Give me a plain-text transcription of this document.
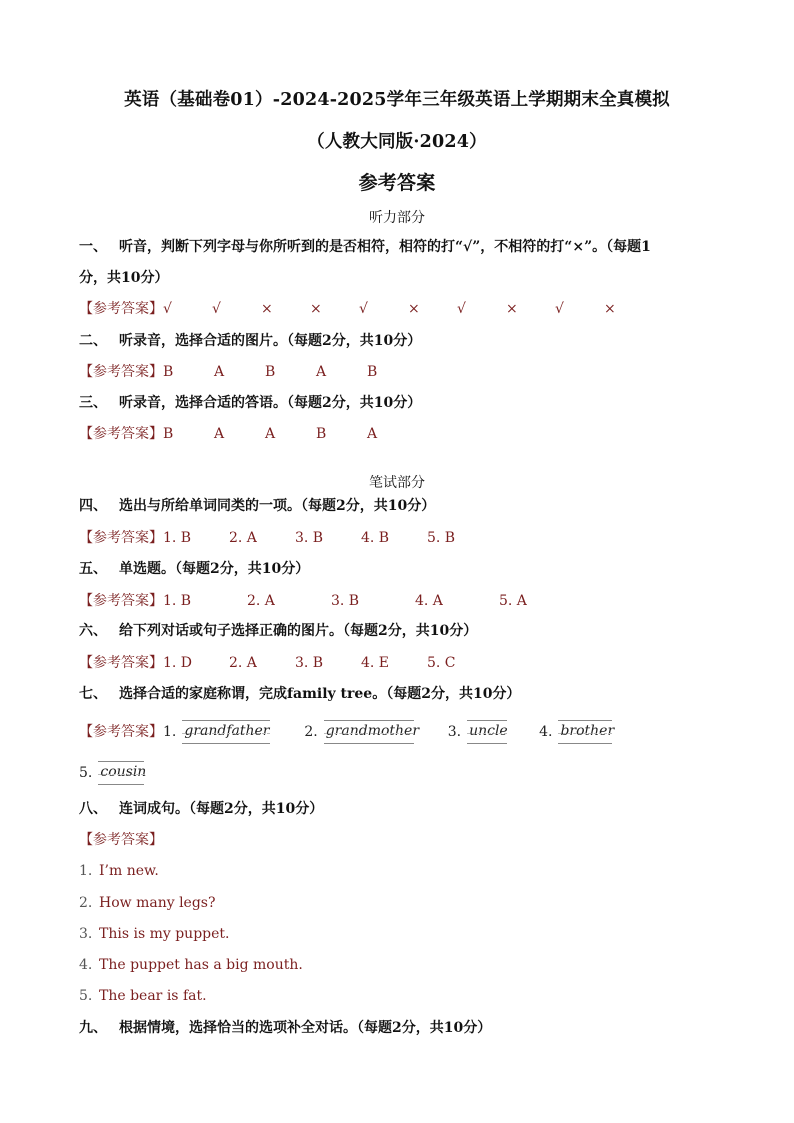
英语（基础卷01）-2024-2025学年三年级英语上学期期末全真模拟
（人教大同版·2024）
参考答案
听力部分
一、 听音，判断下列字母与你所听到的是否相符，相符的打“√”，不相符的打“×”。（每题1
分，共10分）
【参考答案】 √	√	×	×	√	×	√	×	√	×
二、 听录音，选择合适的图片。（每题2分，共10分）
【参考答案】 B	A	B	A	B
三、 听录音，选择合适的答语。（每题2分，共10分）
【参考答案】 B	A	A	B	A
笔试部分
四、 选出与所给单词同类的一项。（每题2分，共10分）
【参考答案】 1. B	2. A	3. B	4. B	5. B
五、 单选题。（每题2分，共10分）
【参考答案】 1. B	2. A	3. B	4. A	5. A
六、 给下列对话或句子选择正确的图片。（每题2分，共10分）
【参考答案】 1. D	2. A	3. B	4. E	5. C
七、 选择合适的家庭称谓，完成family tree。（每题2分，共10分）
【参考答案】 1. grandfather 2. grandmother 3. uncle 4. brother
5. cousin
八、 连词成句。（每题2分，共10分）
【参考答案】
1. I’m new.
2. How many legs?
3. This is my puppet.
4. The puppet has a big mouth.
5. The bear is fat.
九、 根据情境，选择恰当的选项补全对话。（每题2分，共10分）
